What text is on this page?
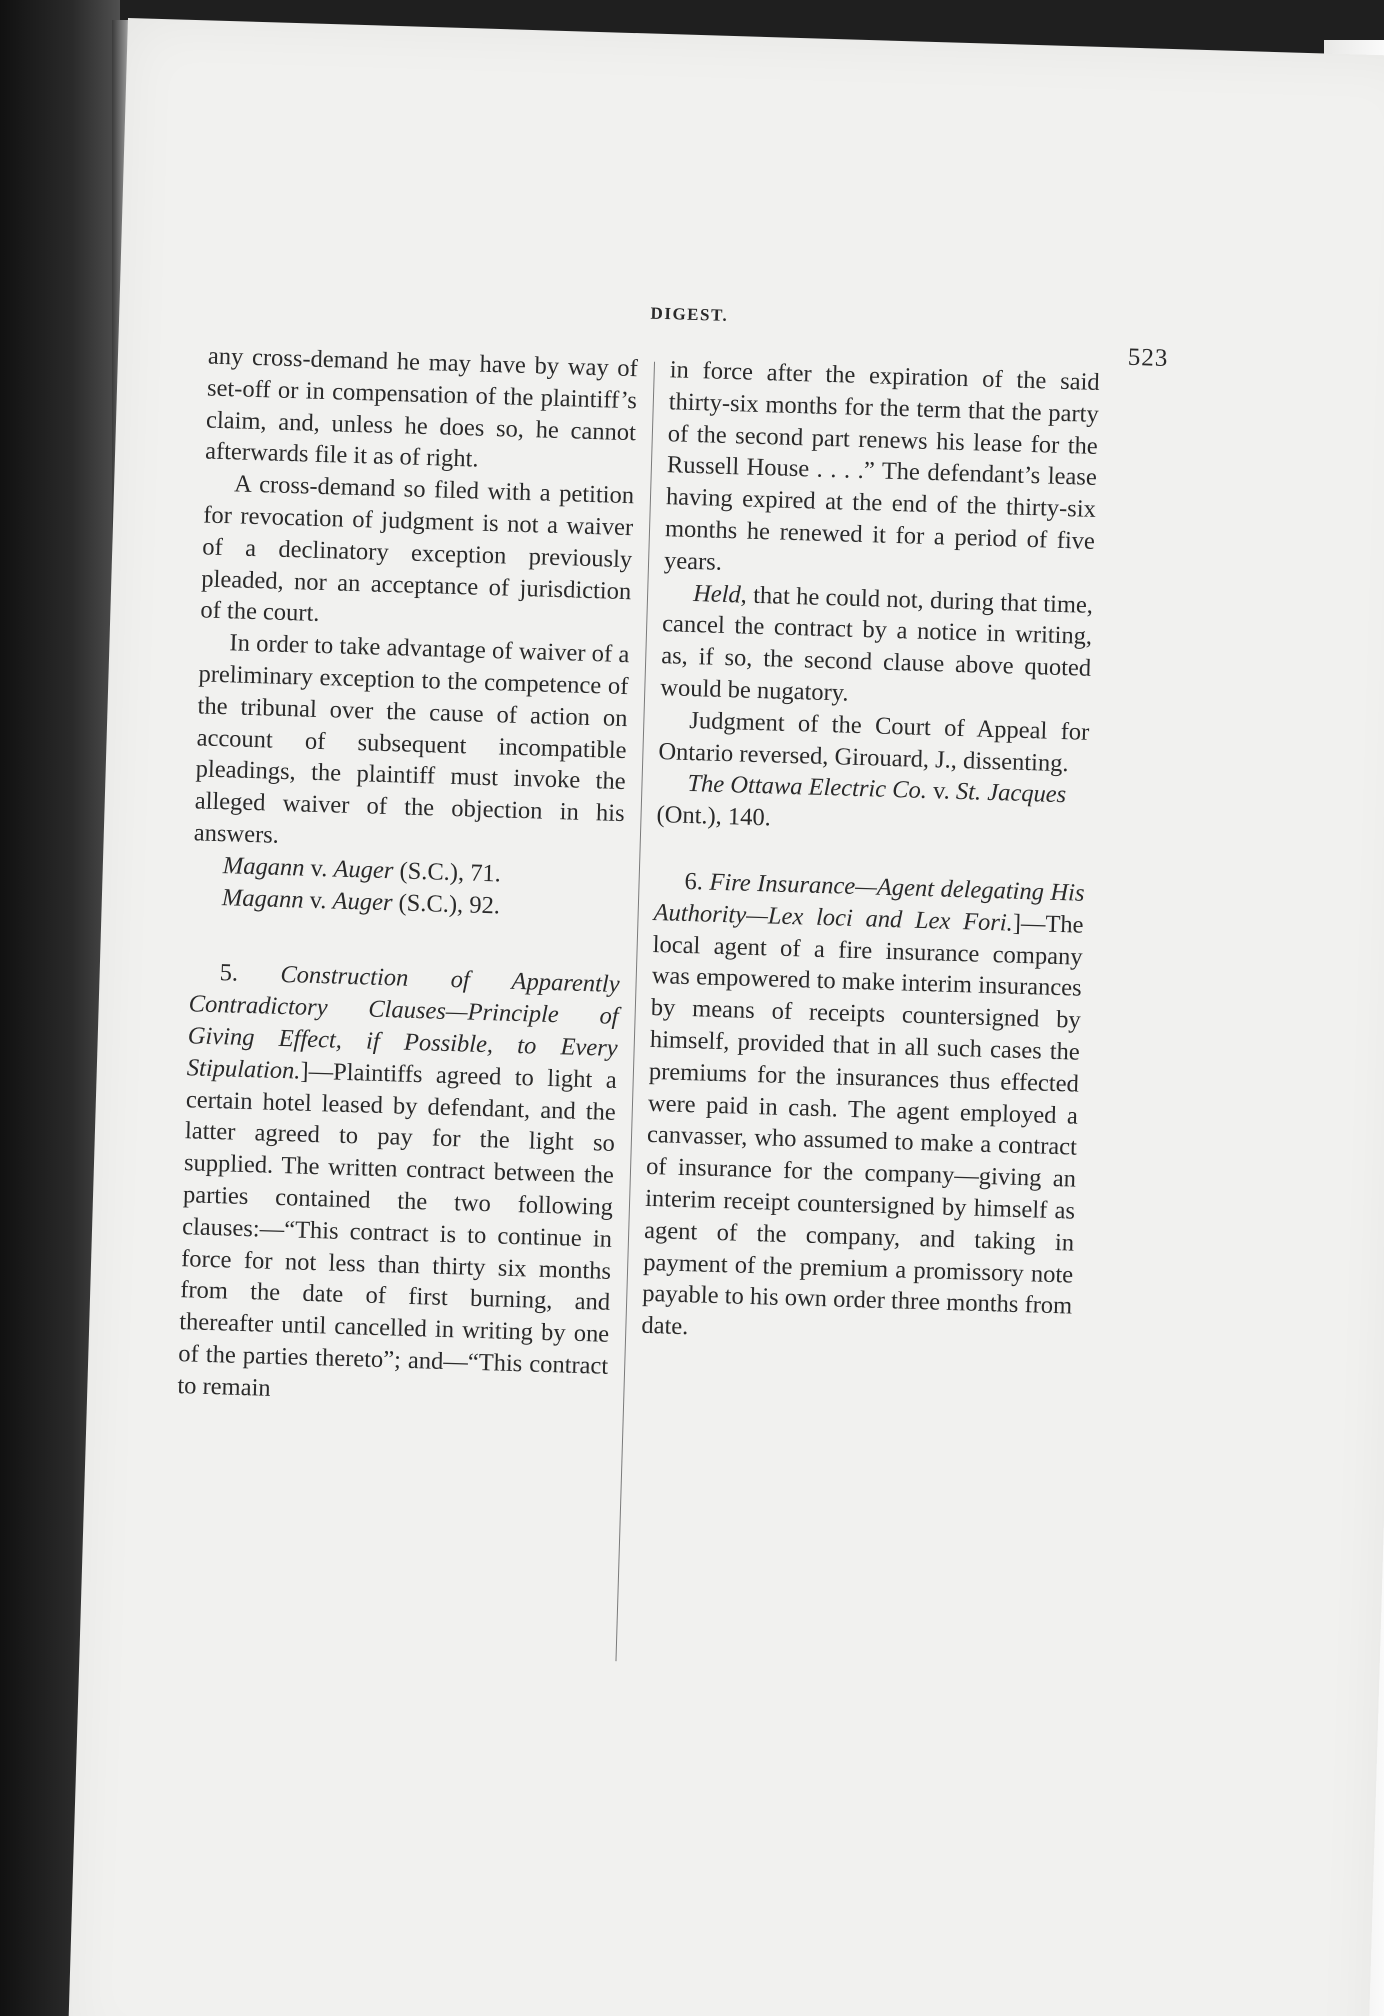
DIGEST.
523

any cross-demand he may have by way of set-off or in compensation of the plaintiff’s claim, and, unless he does so, he cannot afterwards file it as of right.

A cross-demand so filed with a petition for revocation of judgment is not a waiver of a declinatory exception previously pleaded, nor an acceptance of jurisdiction of the court.

In order to take advantage of waiver of a preliminary exception to the competence of the tribunal over the cause of action on account of subsequent incompatible pleadings, the plaintiff must invoke the alleged waiver of the objection in his answers.

Magann v. Auger (S.C.), 71.

Magann v. Auger (S.C.), 92.

5. Construction of Apparently Contradictory Clauses—Principle of Giving Effect, if Possible, to Every Stipulation.]—Plaintiffs agreed to light a certain hotel leased by defendant, and the latter agreed to pay for the light so supplied. The written contract between the parties contained the two following clauses:—“This contract is to continue in force for not less than thirty six months from the date of first burning, and thereafter until cancelled in writing by one of the parties thereto”; and—“This contract to remain

in force after the expiration of the said thirty-six months for the term that the party of the second part renews his lease for the Russell House . . . .” The defendant’s lease having expired at the end of the thirty-six months he renewed it for a period of five years.

Held, that he could not, during that time, cancel the contract by a notice in writing, as, if so, the second clause above quoted would be nugatory.

Judgment of the Court of Appeal for Ontario reversed, Girouard, J., dissenting.

The Ottawa Electric Co. v. St. Jacques (Ont.), 140.

6. Fire Insurance—Agent delegating His Authority—Lex loci and Lex Fori.]—The local agent of a fire insurance company was empowered to make interim insurances by means of receipts countersigned by himself, provided that in all such cases the premiums for the insurances thus effected were paid in cash. The agent employed a canvasser, who assumed to make a contract of insurance for the company—giving an interim receipt countersigned by himself as agent of the company, and taking in payment of the premium a promissory note payable to his own order three months from date.
